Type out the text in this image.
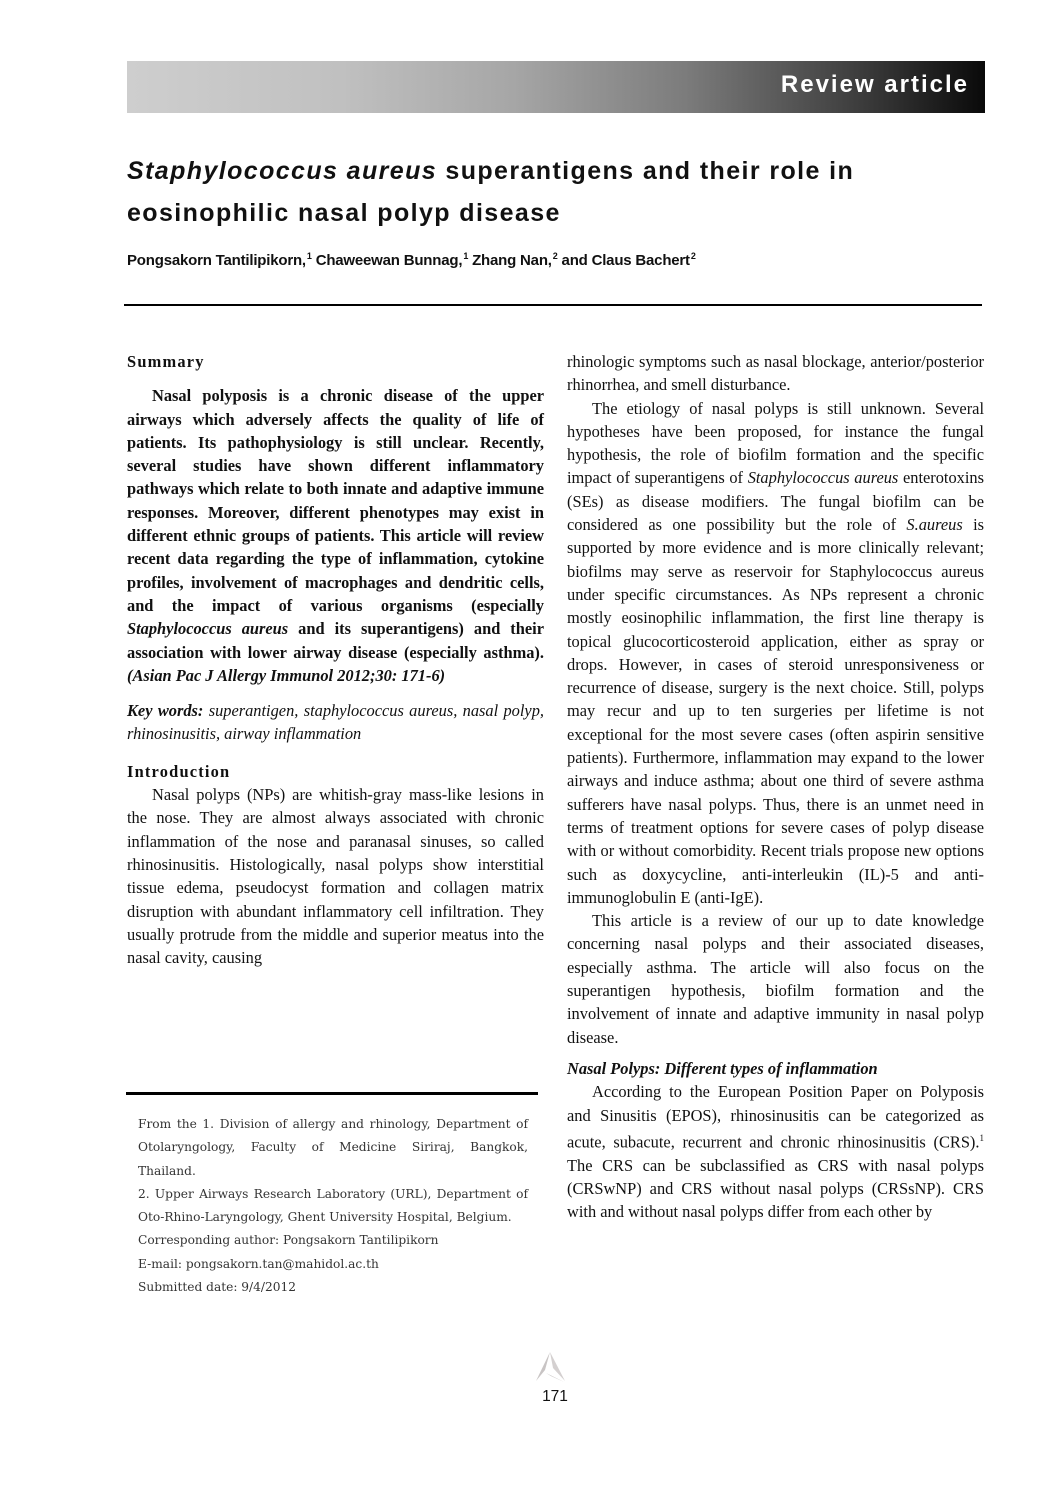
Review article
Staphylococcus aureus superantigens and their role in
eosinophilic nasal polyp disease
Pongsakorn Tantilipikorn,$^1$ Chaweewan Bunnag,$^1$ Zhang Nan,$^2$ and Claus Bachert$^2$
Summary

Nasal polyposis is a chronic disease of the upper airways which adversely affects the quality of life of patients. Its pathophysiology is still unclear. Recently, several studies have shown different inflammatory pathways which relate to both innate and adaptive immune responses. Moreover, different phenotypes may exist in different ethnic groups of patients. This article will review recent data regarding the type of inflammation, cytokine profiles, involvement of macrophages and dendritic cells, and the impact of various organisms (especially Staphylococcus aureus and its superantigens) and their association with lower airway disease (especially asthma). (Asian Pac J Allergy Immunol 2012;30: 171-6)

Key words: superantigen, staphylococcus aureus, nasal polyp, rhinosinusitis, airway inflammation

Introduction

Nasal polyps (NPs) are whitish-gray mass-like lesions in the nose. They are almost always associated with chronic inflammation of the nose and paranasal sinuses, so called rhinosinusitis. Histologically, nasal polyps show interstitial tissue edema, pseudocyst formation and collagen matrix disruption with abundant inflammatory cell infiltration. They usually protrude from the middle and superior meatus into the nasal cavity, causing

From the 1. Division of allergy and rhinology, Department of Otolaryngology, Faculty of Medicine Siriraj, Bangkok, Thailand.

2. Upper Airways Research Laboratory (URL), Department of Oto-Rhino-Laryngology, Ghent University Hospital, Belgium.

Corresponding author: Pongsakorn Tantilipikorn

E-mail: pongsakorn.tan@mahidol.ac.th

Submitted date: 9/4/2012

rhinologic symptoms such as nasal blockage, anterior/posterior rhinorrhea, and smell disturbance.

The etiology of nasal polyps is still unknown. Several hypotheses have been proposed, for instance the fungal hypothesis, the role of biofilm formation and the specific impact of superantigens of Staphylococcus aureus enterotoxins (SEs) as disease modifiers. The fungal biofilm can be considered as one possibility but the role of S.aureus is supported by more evidence and is more clinically relevant; biofilms may serve as reservoir for Staphylococcus aureus under specific circumstances. As NPs represent a chronic mostly eosinophilic inflammation, the first line therapy is topical glucocorticosteroid application, either as spray or drops. However, in cases of steroid unresponsiveness or recurrence of disease, surgery is the next choice. Still, polyps may recur and up to ten surgeries per lifetime is not exceptional for the most severe cases (often aspirin sensitive patients). Furthermore, inflammation may expand to the lower airways and induce asthma; about one third of severe asthma sufferers have nasal polyps. Thus, there is an unmet need in terms of treatment options for severe cases of polyp disease with or without comorbidity. Recent trials propose new options such as doxycycline, anti-interleukin (IL)-5 and anti-immunoglobulin E (anti-IgE).

This article is a review of our up to date knowledge concerning nasal polyps and their associated diseases, especially asthma. The article will also focus on the superantigen hypothesis, biofilm formation and the involvement of innate and adaptive immunity in nasal polyp disease.

Nasal Polyps: Different types of inflammation

According to the European Position Paper on Polyposis and Sinusitis (EPOS), rhinosinusitis can be categorized as acute, subacute, recurrent and chronic rhinosinusitis (CRS).$^1$ The CRS can be subclassified as CRS with nasal polyps (CRSwNP) and CRS without nasal polyps (CRSsNP). CRS with and without nasal polyps differ from each other by

171
